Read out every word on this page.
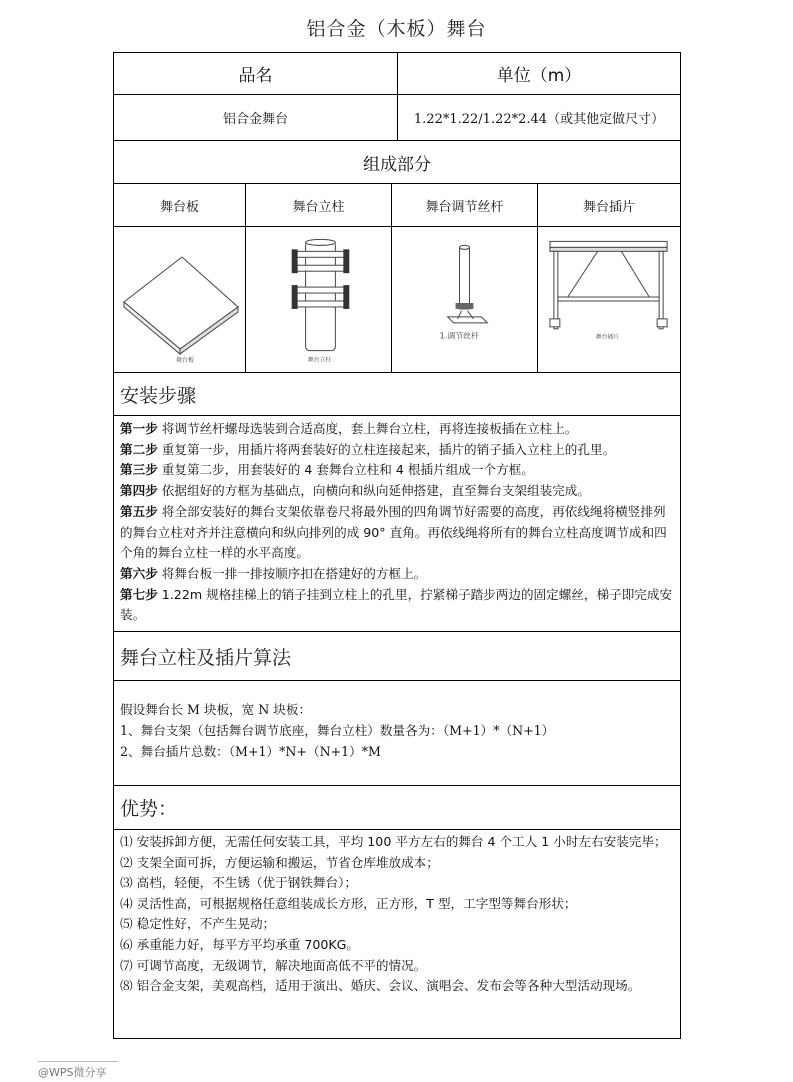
铝合金（木板）舞台
品名	单位（m）
铝合金舞台	1.22*1.22/1.22*2.44（或其他定做尺寸）
组成部分
舞台板	舞台立柱	舞台调节丝杆	舞台插片
舞台板	舞台立柱
1.调节丝杆	舞台插片
安装步骤
第一步 将调节丝杆螺母选装到合适高度，套上舞台立柱，再将连接板插在立柱上。
第二步 重复第一步，用插片将两套装好的立柱连接起来，插片的销子插入立柱上的孔里。
第三步 重复第二步，用套装好的 4 套舞台立柱和 4 根插片组成一个方框。
第四步 依据组好的方框为基础点，向横向和纵向延伸搭建，直至舞台支架组装完成。
第五步 将全部安装好的舞台支架依靠卷尺将最外围的四角调节好需要的高度，再依线绳将横竖排列的舞台立柱对齐并注意横向和纵向排列的成 90° 直角。再依线绳将所有的舞台立柱高度调节成和四个角的舞台立柱一样的水平高度。
第六步 将舞台板一排一排按顺序扣在搭建好的方框上。
第七步 1.22m 规格挂梯上的销子挂到立柱上的孔里，拧紧梯子踏步两边的固定螺丝，梯子即完成安装。
舞台立柱及插片算法
假设舞台长 M 块板，宽 N 块板：
1、舞台支架（包括舞台调节底座，舞台立柱）数量各为：（M+1）*（N+1）
2、舞台插片总数：（M+1）*N+（N+1）*M
优势：
⑴ 安装拆卸方便，无需任何安装工具，平均 100 平方左右的舞台 4 个工人 1 小时左右安装完毕；
⑵ 支架全面可拆，方便运输和搬运，节省仓库堆放成本；
⑶ 高档，轻便，不生锈（优于钢铁舞台）；
⑷ 灵活性高，可根据规格任意组装成长方形，正方形，T 型，工字型等舞台形状；
⑸ 稳定性好，不产生晃动；
⑹ 承重能力好，每平方平均承重 700KG。
⑺ 可调节高度，无级调节，解决地面高低不平的情况。
⑻ 铝合金支架，美观高档，适用于演出、婚庆、会议、演唱会、发布会等各种大型活动现场。
@WPS微分享
